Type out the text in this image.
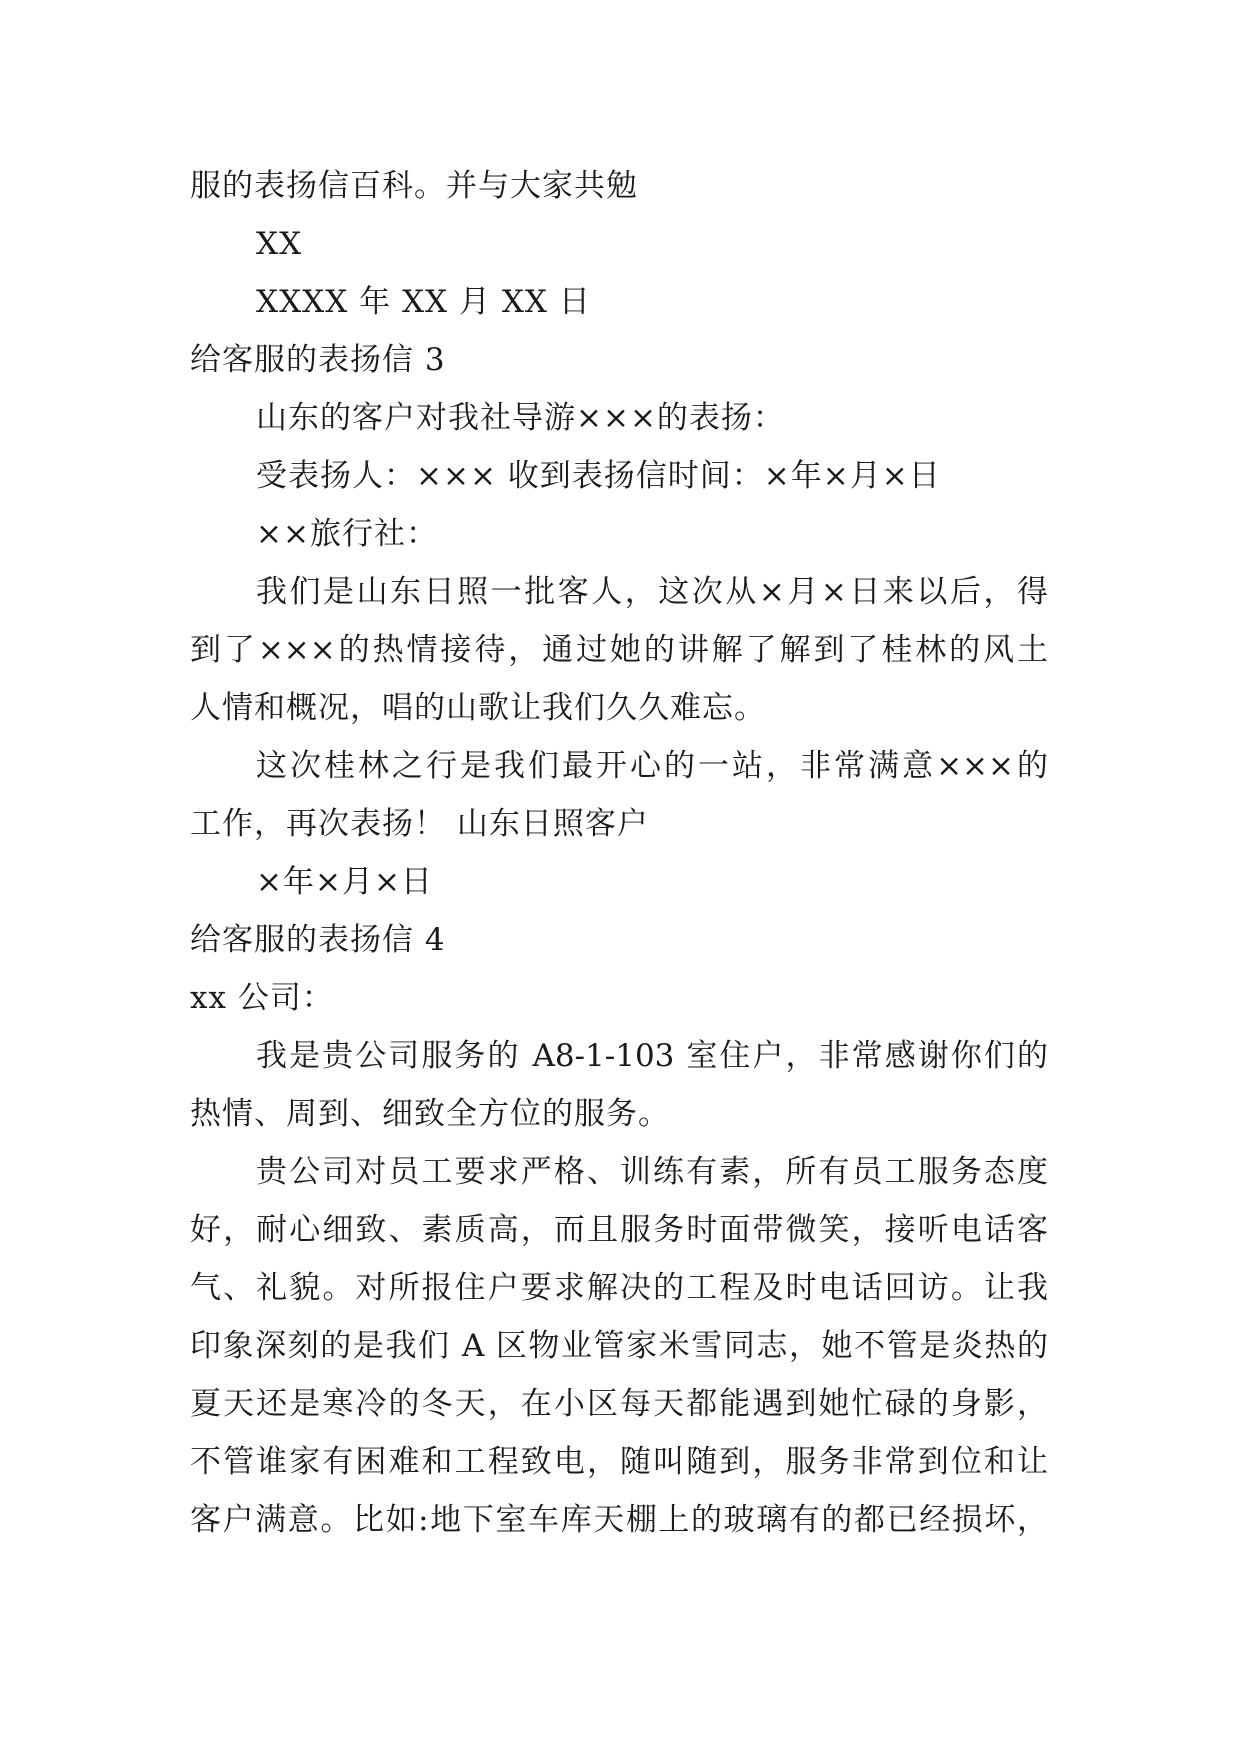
服的表扬信百科。并与大家共勉
XX
XXXX 年 XX 月 XX 日
给客服的表扬信 3
山东的客户对我社导游×××的表扬：
受表扬人：××× 收到表扬信时间：×年×月×日
××旅行社：
我们是山东日照一批客人，这次从×月×日来以后，得
到了×××的热情接待，通过她的讲解了解到了桂林的风土
人情和概况，唱的山歌让我们久久难忘。
这次桂林之行是我们最开心的一站，非常满意×××的
工作，再次表扬！ 山东日照客户
×年×月×日
给客服的表扬信 4
xx 公司：
我是贵公司服务的 A8-1-103 室住户，非常感谢你们的
热情、周到、细致全方位的服务。
贵公司对员工要求严格、训练有素，所有员工服务态度
好，耐心细致、素质高，而且服务时面带微笑，接听电话客
气、礼貌。对所报住户要求解决的工程及时电话回访。让我
印象深刻的是我们 A 区物业管家米雪同志，她不管是炎热的
夏天还是寒冷的冬天，在小区每天都能遇到她忙碌的身影，
不管谁家有困难和工程致电，随叫随到，服务非常到位和让
客户满意。比如:地下室车库天棚上的玻璃有的都已经损坏，
